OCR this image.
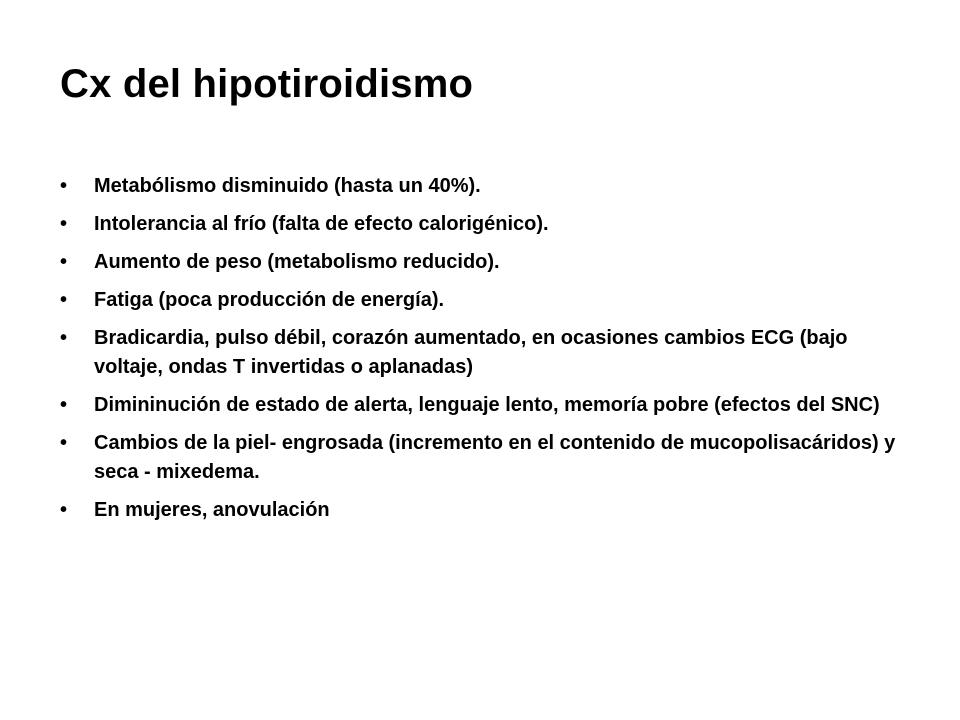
Cx del hipotiroidismo
•	Metabólismo disminuido (hasta un 40%).
•	Intolerancia al frío (falta de efecto calorigénico).
•	Aumento de peso (metabolismo reducido).
•	Fatiga (poca producción de energía).
•	Bradicardia, pulso débil, corazón aumentado, en ocasiones cambios ECG (bajo voltaje, ondas T invertidas o aplanadas)
•	Dimininución de estado de alerta, lenguaje lento, memoría pobre (efectos del SNC)
•	Cambios de la piel- engrosada (incremento en el contenido de mucopolisacáridos) y seca - mixedema.
•	En mujeres, anovulación
